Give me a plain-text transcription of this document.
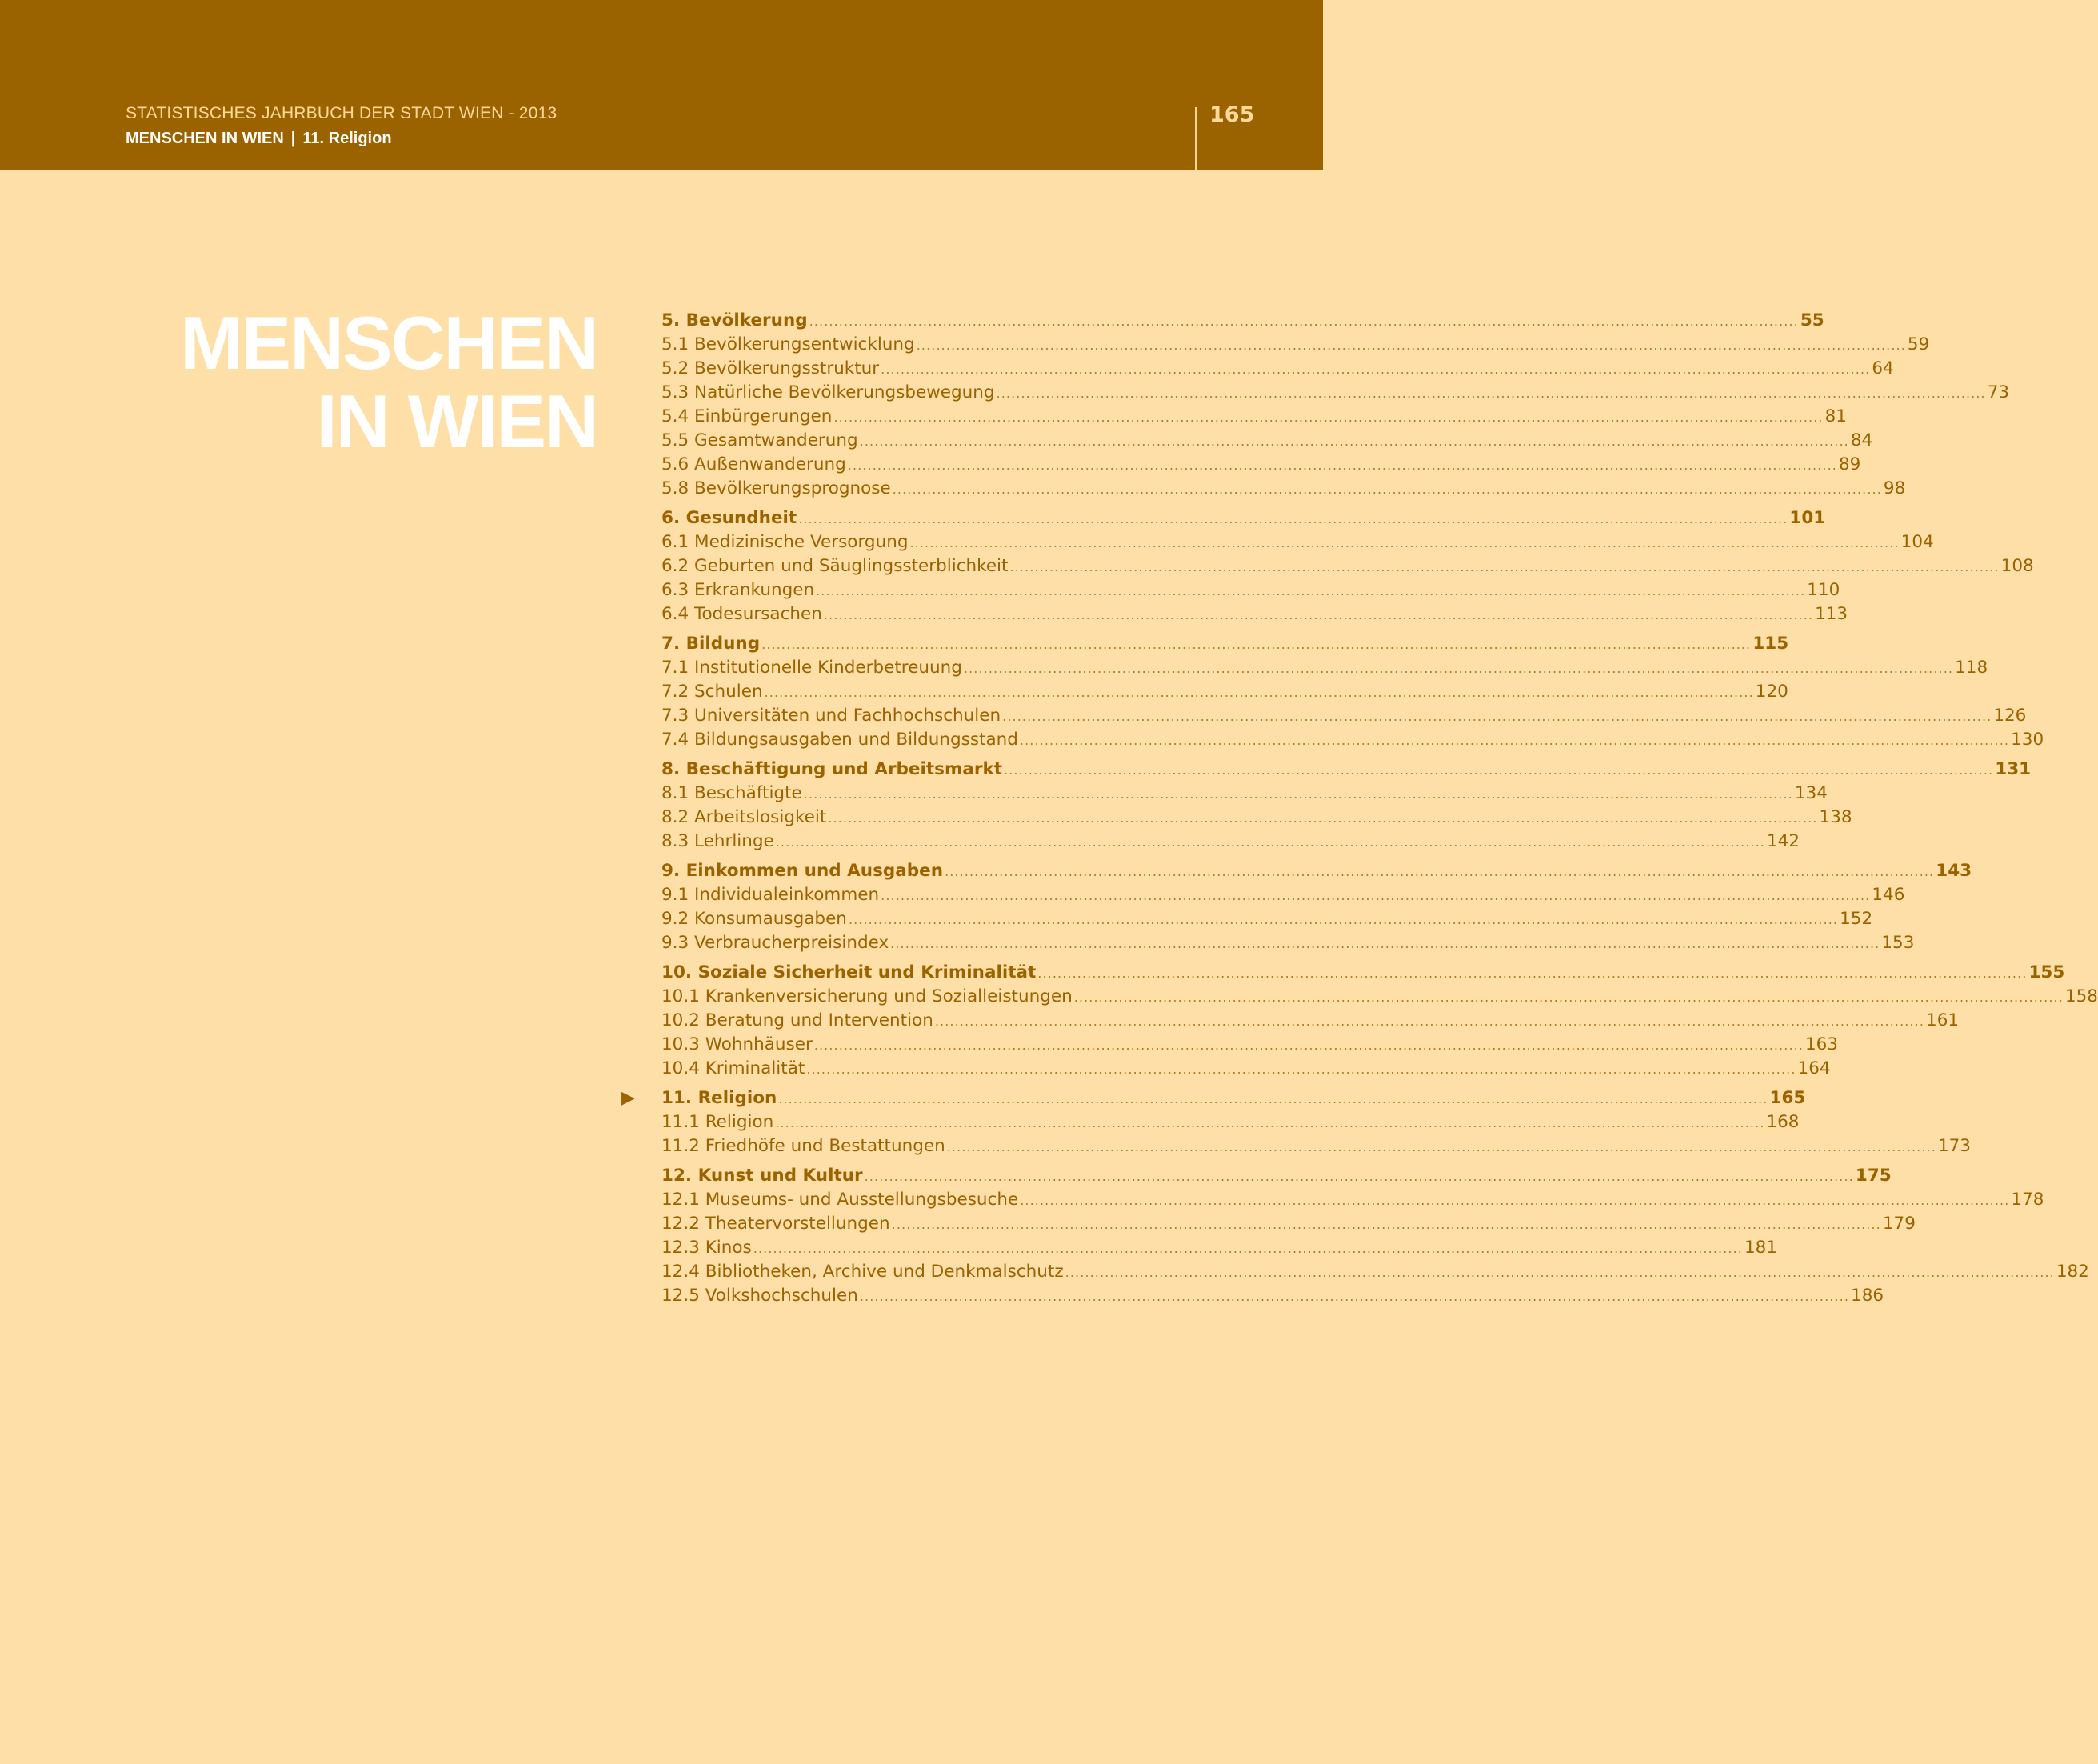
STATISTISCHES JAHRBUCH DER STADT WIEN - 2013
MENSCHEN IN WIEN | 11. Religion
165
MENSCHEN
IN WIEN
5. Bevölkerung ........................................................................................................................................................................................................ 55
5.1 Bevölkerungsentwicklung ........................................................................................................................................................................................................ 59
5.2 Bevölkerungsstruktur ........................................................................................................................................................................................................ 64
5.3 Natürliche Bevölkerungsbewegung ........................................................................................................................................................................................................ 73
5.4 Einbürgerungen ........................................................................................................................................................................................................ 81
5.5 Gesamtwanderung ........................................................................................................................................................................................................ 84
5.6 Außenwanderung ........................................................................................................................................................................................................ 89
5.8 Bevölkerungsprognose ........................................................................................................................................................................................................ 98
6. Gesundheit ........................................................................................................................................................................................................ 101
6.1 Medizinische Versorgung ........................................................................................................................................................................................................ 104
6.2 Geburten und Säuglingssterblichkeit ........................................................................................................................................................................................................ 108
6.3 Erkrankungen ........................................................................................................................................................................................................ 110
6.4 Todesursachen ........................................................................................................................................................................................................ 113
7. Bildung ........................................................................................................................................................................................................ 115
7.1 Institutionelle Kinderbetreuung ........................................................................................................................................................................................................ 118
7.2 Schulen ........................................................................................................................................................................................................ 120
7.3 Universitäten und Fachhochschulen ........................................................................................................................................................................................................ 126
7.4 Bildungsausgaben und Bildungsstand ........................................................................................................................................................................................................ 130
8. Beschäftigung und Arbeitsmarkt ........................................................................................................................................................................................................ 131
8.1 Beschäftigte ........................................................................................................................................................................................................ 134
8.2 Arbeitslosigkeit ........................................................................................................................................................................................................ 138
8.3 Lehrlinge ........................................................................................................................................................................................................ 142
9. Einkommen und Ausgaben ........................................................................................................................................................................................................ 143
9.1 Individualeinkommen ........................................................................................................................................................................................................ 146
9.2 Konsumausgaben ........................................................................................................................................................................................................ 152
9.3 Verbraucherpreisindex ........................................................................................................................................................................................................ 153
10. Soziale Sicherheit und Kriminalität ........................................................................................................................................................................................................ 155
10.1 Krankenversicherung und Sozialleistungen ........................................................................................................................................................................................................ 158
10.2 Beratung und Intervention ........................................................................................................................................................................................................ 161
10.3 Wohnhäuser ........................................................................................................................................................................................................ 163
10.4 Kriminalität ........................................................................................................................................................................................................ 164
▶ 11. Religion ........................................................................................................................................................................................................ 165
11.1 Religion ........................................................................................................................................................................................................ 168
11.2 Friedhöfe und Bestattungen ........................................................................................................................................................................................................ 173
12. Kunst und Kultur ........................................................................................................................................................................................................ 175
12.1 Museums- und Ausstellungsbesuche ........................................................................................................................................................................................................ 178
12.2 Theatervorstellungen ........................................................................................................................................................................................................ 179
12.3 Kinos ........................................................................................................................................................................................................ 181
12.4 Bibliotheken, Archive und Denkmalschutz ........................................................................................................................................................................................................ 182
12.5 Volkshochschulen ........................................................................................................................................................................................................ 186
